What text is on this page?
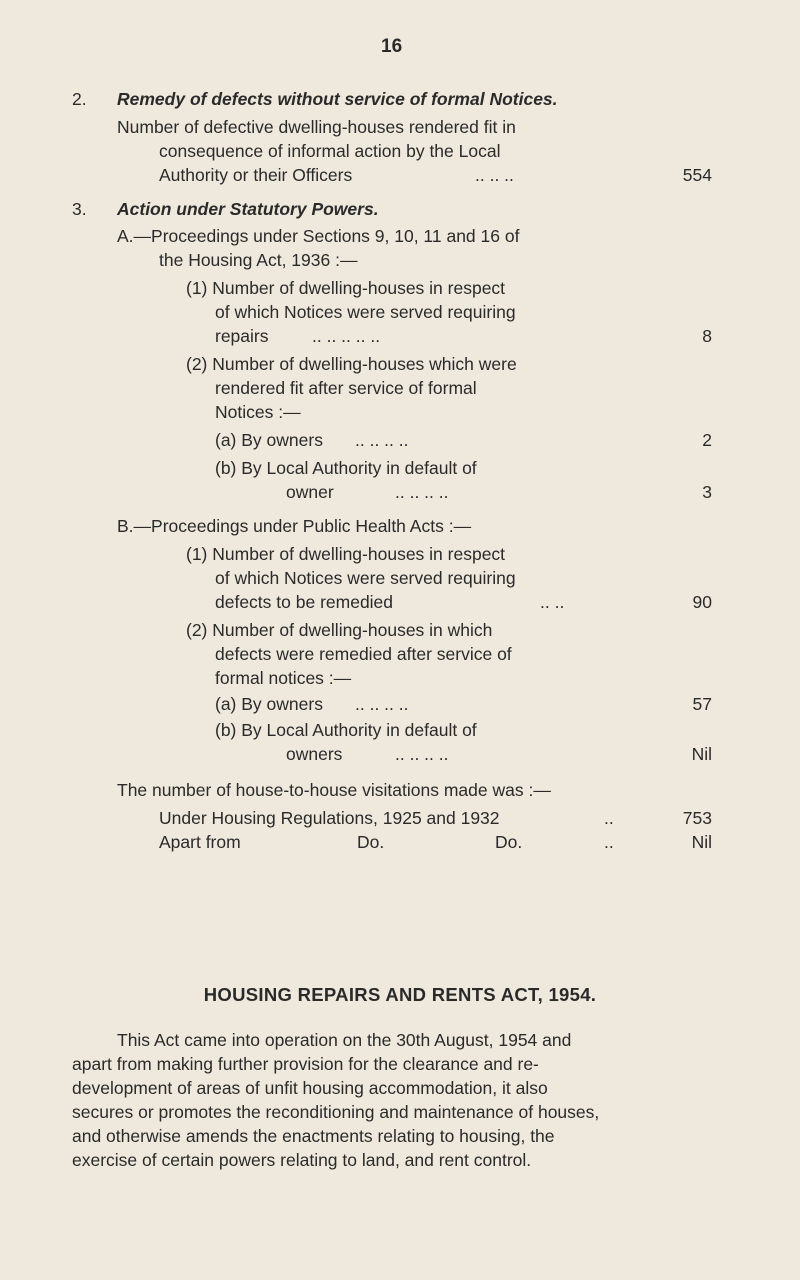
16
2. Remedy of defects without service of formal Notices.
Number of defective dwelling-houses rendered fit in
consequence of informal action by the Local
Authority or their Officers	.. .. ..	554
3. Action under Statutory Powers.
A.—Proceedings under Sections 9, 10, 11 and 16 of
the Housing Act, 1936 :—
(1) Number of dwelling-houses in respect
of which Notices were served requiring
repairs .. .. .. .. ..	8
(2) Number of dwelling-houses which were
rendered fit after service of formal
Notices :—
(a) By owners .. .. .. ..	2
(b) By Local Authority in default of
owner	.. .. .. ..	3
B.—Proceedings under Public Health Acts :—
(1) Number of dwelling-houses in respect
of which Notices were served requiring
defects to be remedied	.. ..	90
(2) Number of dwelling-houses in which
defects were remedied after service of
formal notices :—
(a) By owners .. .. .. ..	57
(b) By Local Authority in default of
owners	.. .. .. ..	Nil
The number of house-to-house visitations made was :—
Under Housing Regulations, 1925 and 1932	..	753
Apart from	Do.	Do.	..	Nil
HOUSING REPAIRS AND RENTS ACT, 1954.
This Act came into operation on the 30th August, 1954 and
apart from making further provision for the clearance and re-
development of areas of unfit housing accommodation, it also
secures or promotes the reconditioning and maintenance of houses,
and otherwise amends the enactments relating to housing, the
exercise of certain powers relating to land, and rent control.
